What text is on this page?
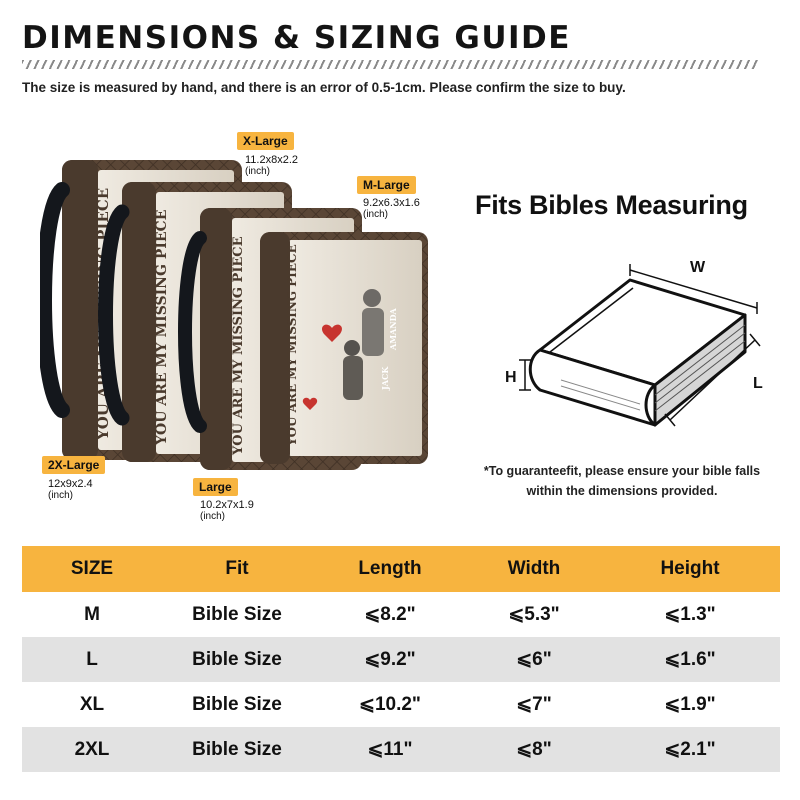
DIMENSIONS & SIZING GUIDE
The size is measured by hand, and there is an error of 0.5-1cm. Please confirm the size to buy.
YOU ARE MY MISSING PIECE	YOU ARE MY MISSING PIECE	YOU ARE MY MISSING PIECE	YOU ARE MY MISSING PIECE	JACK
AMANDA
X-Large
11.2x8x2.2
(inch)
M-Large
9.2x6.3x1.6
(inch)
2X-Large
12x9x2.4
(inch)
Large
10.2x7x1.9
(inch)
Fits Bibles Measuring
W
H	L
*To guaranteefit, please ensure your bible falls
within the dimensions provided.
SIZE	Fit	Length	Width	Height
M	Bible Size	⩽8.2"	⩽5.3"	⩽1.3"
L	Bible Size	⩽9.2"	⩽6"	⩽1.6"
XL	Bible Size	⩽10.2"	⩽7"	⩽1.9"
2XL	Bible Size	⩽11"	⩽8"	⩽2.1"
